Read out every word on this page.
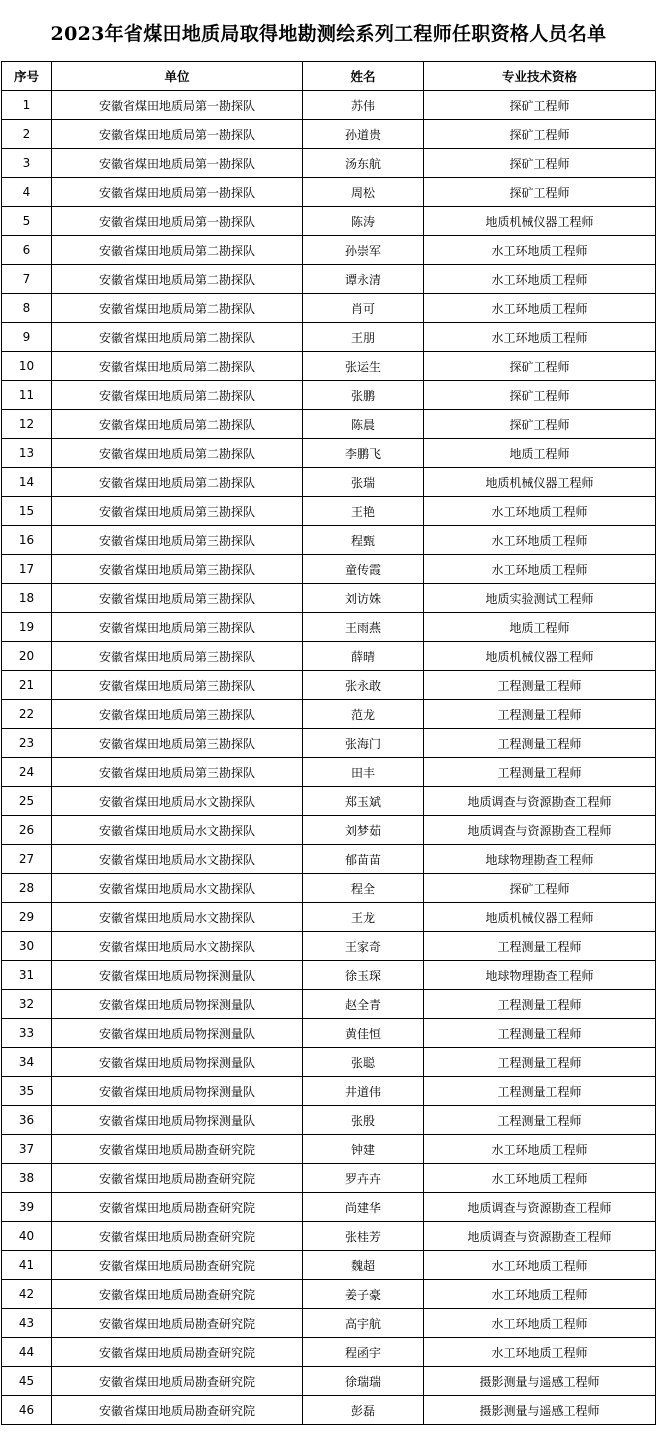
2023年省煤田地质局取得地勘测绘系列工程师任职资格人员名单
序号	单位	姓名	专业技术资格
1	安徽省煤田地质局第一勘探队	苏伟	探矿工程师
2	安徽省煤田地质局第一勘探队	孙道贵	探矿工程师
3	安徽省煤田地质局第一勘探队	汤东航	探矿工程师
4	安徽省煤田地质局第一勘探队	周松	探矿工程师
5	安徽省煤田地质局第一勘探队	陈涛	地质机械仪器工程师
6	安徽省煤田地质局第二勘探队	孙崇军	水工环地质工程师
7	安徽省煤田地质局第二勘探队	谭永清	水工环地质工程师
8	安徽省煤田地质局第二勘探队	肖可	水工环地质工程师
9	安徽省煤田地质局第二勘探队	王朋	水工环地质工程师
10	安徽省煤田地质局第二勘探队	张运生	探矿工程师
11	安徽省煤田地质局第二勘探队	张鹏	探矿工程师
12	安徽省煤田地质局第二勘探队	陈晨	探矿工程师
13	安徽省煤田地质局第二勘探队	李鹏飞	地质工程师
14	安徽省煤田地质局第二勘探队	张瑞	地质机械仪器工程师
15	安徽省煤田地质局第三勘探队	王艳	水工环地质工程师
16	安徽省煤田地质局第三勘探队	程甄	水工环地质工程师
17	安徽省煤田地质局第三勘探队	童传霞	水工环地质工程师
18	安徽省煤田地质局第三勘探队	刘访姝	地质实验测试工程师
19	安徽省煤田地质局第三勘探队	王雨燕	地质工程师
20	安徽省煤田地质局第三勘探队	薛晴	地质机械仪器工程师
21	安徽省煤田地质局第三勘探队	张永敢	工程测量工程师
22	安徽省煤田地质局第三勘探队	范龙	工程测量工程师
23	安徽省煤田地质局第三勘探队	张海门	工程测量工程师
24	安徽省煤田地质局第三勘探队	田丰	工程测量工程师
25	安徽省煤田地质局水文勘探队	郑玉斌	地质调查与资源勘查工程师
26	安徽省煤田地质局水文勘探队	刘梦茹	地质调查与资源勘查工程师
27	安徽省煤田地质局水文勘探队	郁苗苗	地球物理勘查工程师
28	安徽省煤田地质局水文勘探队	程全	探矿工程师
29	安徽省煤田地质局水文勘探队	王龙	地质机械仪器工程师
30	安徽省煤田地质局水文勘探队	王家奇	工程测量工程师
31	安徽省煤田地质局物探测量队	徐玉琛	地球物理勘查工程师
32	安徽省煤田地质局物探测量队	赵全青	工程测量工程师
33	安徽省煤田地质局物探测量队	黄佳恒	工程测量工程师
34	安徽省煤田地质局物探测量队	张聪	工程测量工程师
35	安徽省煤田地质局物探测量队	井道伟	工程测量工程师
36	安徽省煤田地质局物探测量队	张殷	工程测量工程师
37	安徽省煤田地质局勘查研究院	钟建	水工环地质工程师
38	安徽省煤田地质局勘查研究院	罗卉卉	水工环地质工程师
39	安徽省煤田地质局勘查研究院	尚建华	地质调查与资源勘查工程师
40	安徽省煤田地质局勘查研究院	张桂芳	地质调查与资源勘查工程师
41	安徽省煤田地质局勘查研究院	魏超	水工环地质工程师
42	安徽省煤田地质局勘查研究院	姜子豪	水工环地质工程师
43	安徽省煤田地质局勘查研究院	高宇航	水工环地质工程师
44	安徽省煤田地质局勘查研究院	程函宇	水工环地质工程师
45	安徽省煤田地质局勘查研究院	徐瑞瑞	摄影测量与遥感工程师
46	安徽省煤田地质局勘查研究院	彭磊	摄影测量与遥感工程师
